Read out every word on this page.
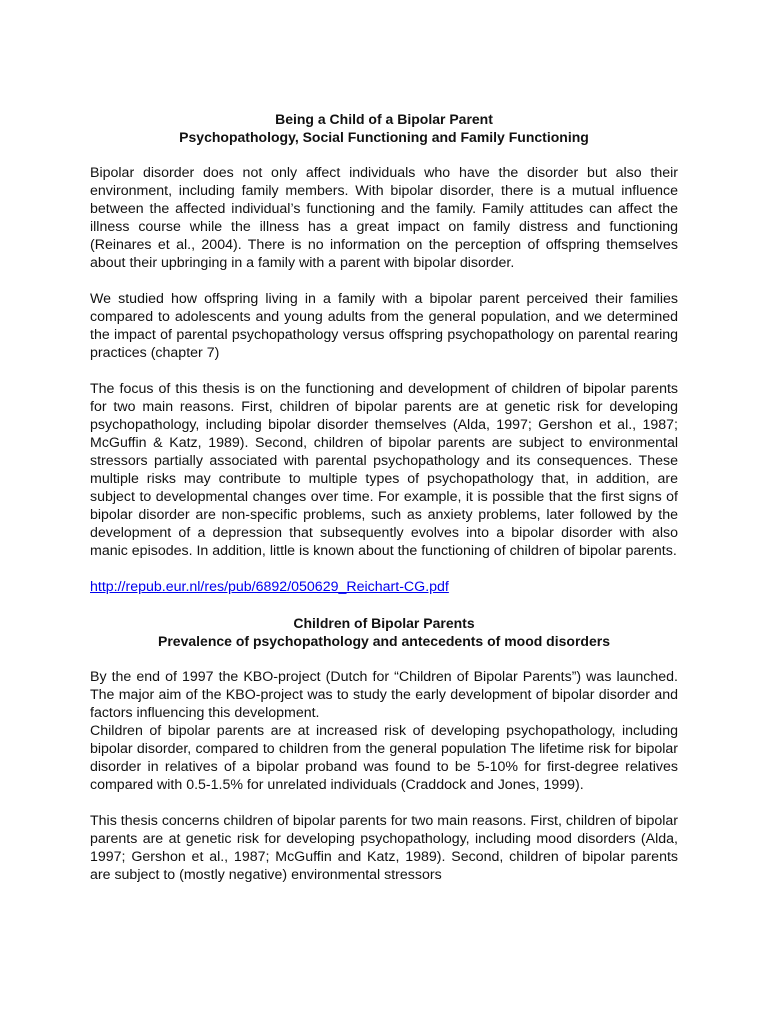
Being a Child of a Bipolar Parent
Psychopathology, Social Functioning and Family Functioning

Bipolar disorder does not only affect individuals who have the disorder but also their environment, including family members. With bipolar disorder, there is a mutual influence between the affected individual’s functioning and the family. Family attitudes can affect the illness course while the illness has a great impact on family distress and functioning (Reinares et al., 2004). There is no information on the perception of offspring themselves about their upbringing in a family with a parent with bipolar disorder.

We studied how offspring living in a family with a bipolar parent perceived their families compared to adolescents and young adults from the general population, and we determined the impact of parental psychopathology versus offspring psychopathology on parental rearing practices (chapter 7)

The focus of this thesis is on the functioning and development of children of bipolar parents for two main reasons. First, children of bipolar parents are at genetic risk for developing psychopathology, including bipolar disorder themselves (Alda, 1997; Gershon et al., 1987; McGuffin & Katz, 1989). Second, children of bipolar parents are subject to environmental stressors partially associated with parental psychopathology and its consequences. These multiple risks may contribute to multiple types of psychopathology that, in addition, are subject to developmental changes over time. For example, it is possible that the first signs of bipolar disorder are non-specific problems, such as anxiety problems, later followed by the development of a depression that subsequently evolves into a bipolar disorder with also manic episodes. In addition, little is known about the functioning of children of bipolar parents.

http://repub.eur.nl/res/pub/6892/050629_Reichart-CG.pdf
Children of Bipolar Parents
Prevalence of psychopathology and antecedents of mood disorders

By the end of 1997 the KBO-project (Dutch for “Children of Bipolar Parents”) was launched. The major aim of the KBO-project was to study the early development of bipolar disorder and factors influencing this development.

Children of bipolar parents are at increased risk of developing psychopathology, including bipolar disorder, compared to children from the general population The lifetime risk for bipolar disorder in relatives of a bipolar proband was found to be 5-10% for first-degree relatives compared with 0.5-1.5% for unrelated individuals (Craddock and Jones, 1999).

This thesis concerns children of bipolar parents for two main reasons. First, children of bipolar parents are at genetic risk for developing psychopathology, including mood disorders (Alda, 1997; Gershon et al., 1987; McGuffin and Katz, 1989). Second, children of bipolar parents are subject to (mostly negative) environmental stressors
